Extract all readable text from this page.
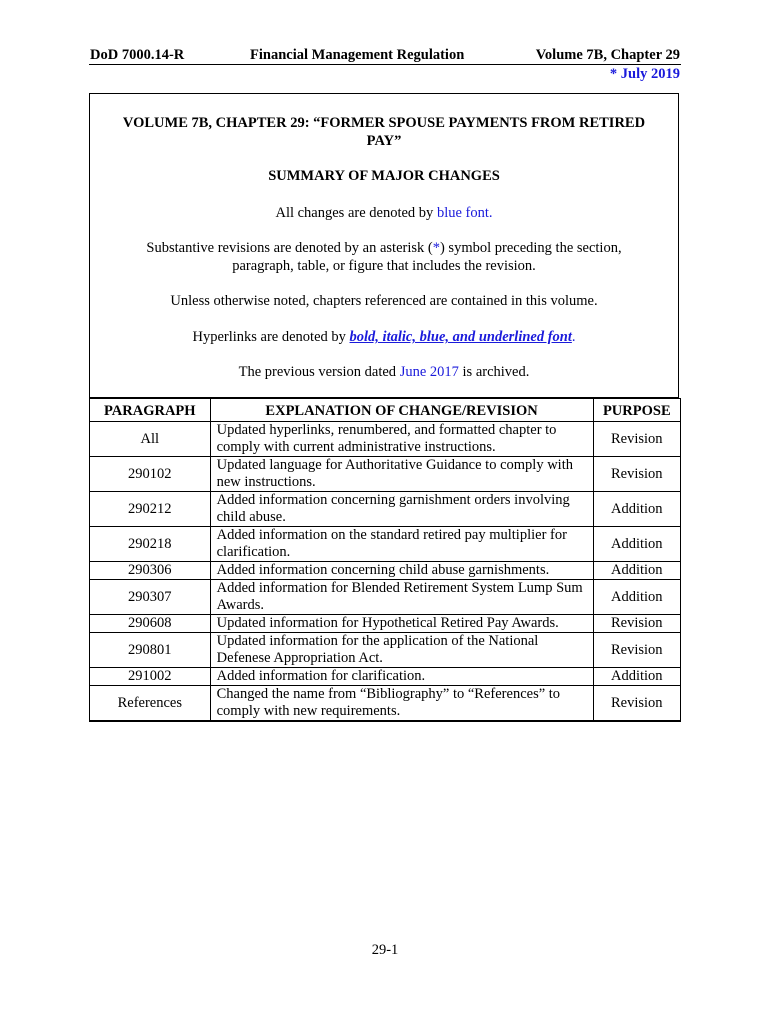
DoD 7000.14-R	Financial Management Regulation	Volume 7B, Chapter 29
* July 2019
VOLUME 7B, CHAPTER 29: “FORMER SPOUSE PAYMENTS FROM RETIRED
PAY”
SUMMARY OF MAJOR CHANGES
All changes are denoted by blue font.
Substantive revisions are denoted by an asterisk (*) symbol preceding the section,
paragraph, table, or figure that includes the revision.
Unless otherwise noted, chapters referenced are contained in this volume.
Hyperlinks are denoted by bold, italic, blue, and underlined font.
The previous version dated June 2017 is archived.
PARAGRAPH	EXPLANATION OF CHANGE/REVISION	PURPOSE
All	Updated hyperlinks, renumbered, and formatted chapter to comply with current administrative instructions.	Revision
290102	Updated language for Authoritative Guidance to comply with new instructions.	Revision
290212	Added information concerning garnishment orders involving child abuse.	Addition
290218	Added information on the standard retired pay multiplier for clarification.	Addition
290306	Added information concerning child abuse garnishments.	Addition
290307	Added information for Blended Retirement System Lump Sum Awards.	Addition
290608	Updated information for Hypothetical Retired Pay Awards.	Revision
290801	Updated information for the application of the National Defenese Appropriation Act.	Revision
291002	Added information for clarification.	Addition
References	Changed the name from “Bibliography” to “References” to comply with new requirements.	Revision
29-1
